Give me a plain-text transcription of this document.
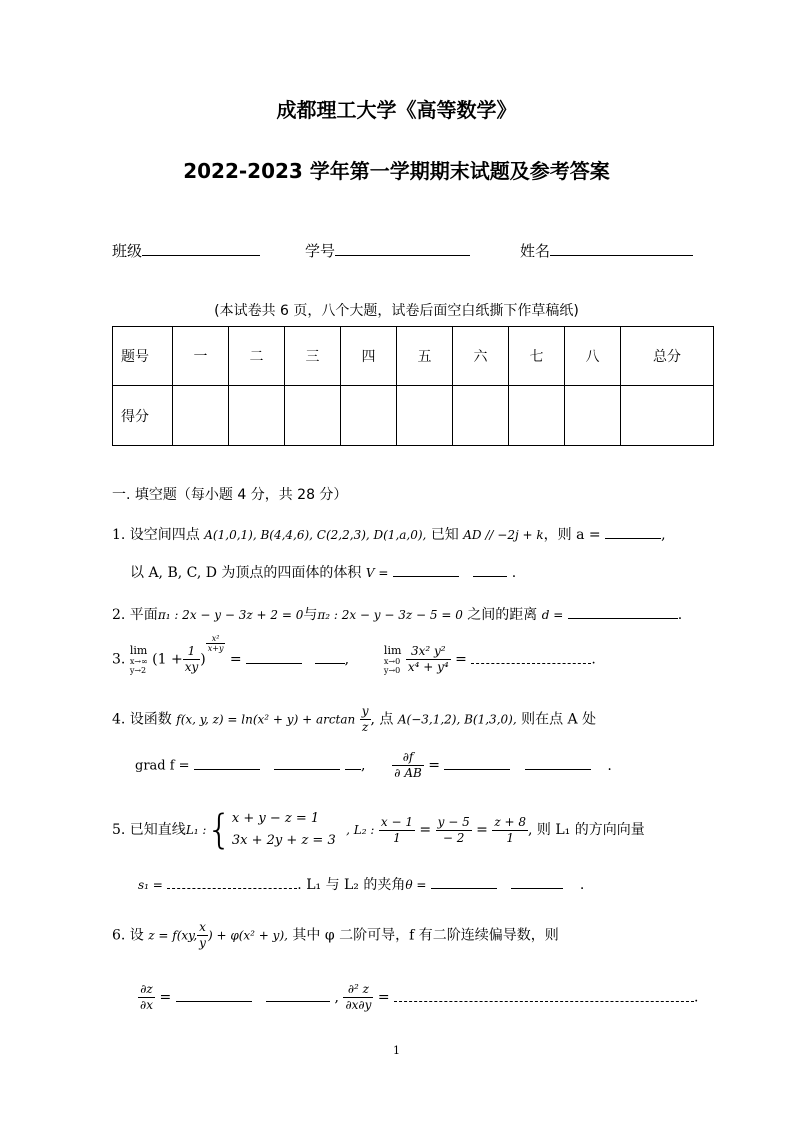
成都理工大学《高等数学》
2022-2023 学年第一学期期末试题及参考答案
班级	学号	姓名
(本试卷共 6 页，八个大题，试卷后面空白纸撕下作草稿纸)
题号	一	二	三	四	五	六	七	八	总分
得分									
一. 填空题（每小题 4 分，共 28 分）
1. 设空间四点 A(1,0,1), B(4,4,6), C(2,2,3), D(1,a,0), 已知 AD // −2j + k，则 a =	,
以 A, B, C, D 为顶点的四面体的体积 V =	.
2. 平面π₁ : 2x − y − 3z + 2 = 0与π₂ : 2x − y − 3z − 5 = 0 之间的距离 d =	.
3.
lim
x→∞
y→2
($1 + \frac{1}{xy}$ )
$\frac{\text{x²}}{x+y}$
=	,
lim
x→0
y→0
$\frac{\text{3x² y²}}{\text{x⁴ + y⁴}}$ =	.
4. 设函数 f(x, y, $z) = \ln(x^2 + y) + \arctan \frac{y}{z}$ , 点 A(−3,1,2), B(1,3,0), 则在点 A 处
grad f =	, $\frac{\partial f}{\partial AB}$ =	.
5. 已知直线L₁ :{ x + y − z = 1
3x + 2y + z = 3
, L₂ : $\frac{x - 1}{1} = \frac{y - 5}{- 2} = \frac{z + 8}{1}$ , 则 L₁ 的方向向量
s₁ =	. L₁ 与 L₂ 的夹角θ =	.
6. 设 z = f(xy, $\frac{x}{y}$ ) + φ(x² + y), 其中 φ 二阶可导，f 有二阶连续偏导数，则
$\frac{\partial z}{\partial x}$ =	, $\frac{\text{∂² z}}{\partial x\partial y}$ =	.
1
